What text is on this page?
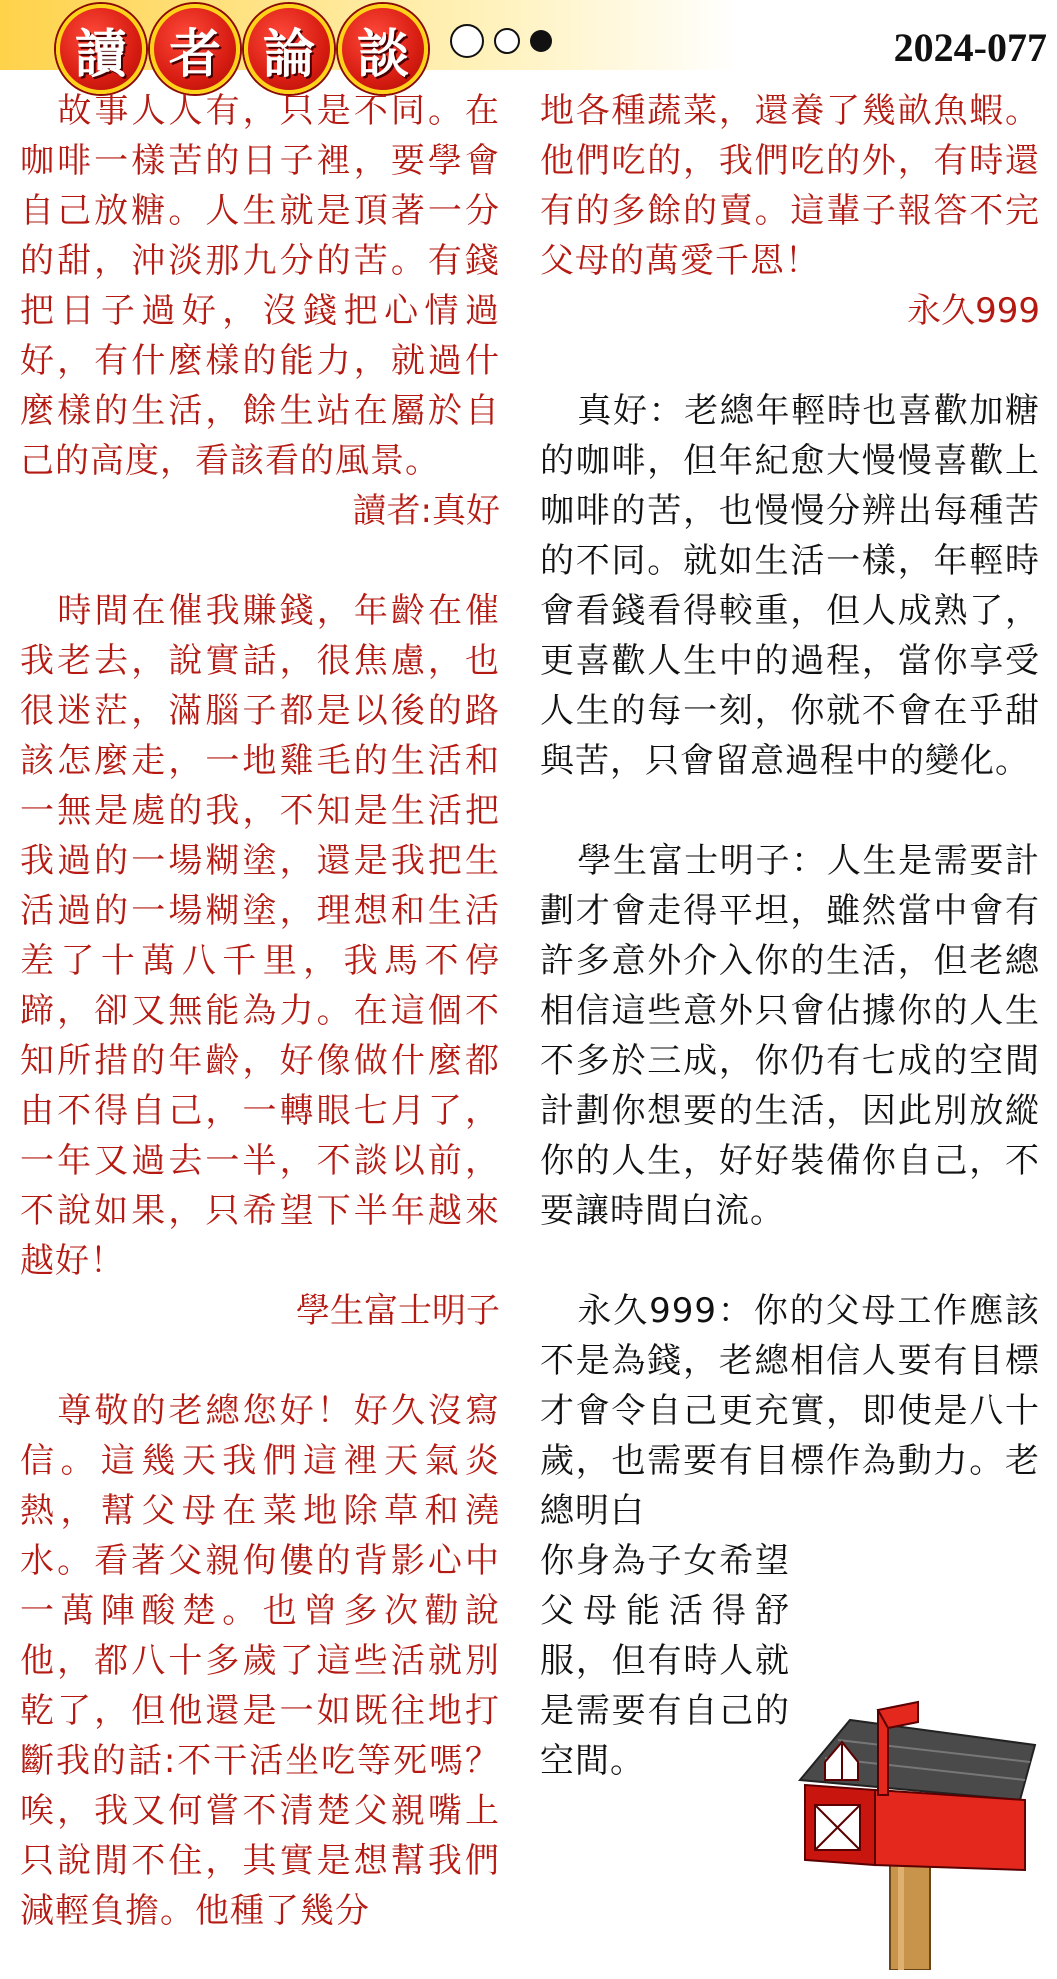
讀 者 論 談	2024-077

故事人人有，只是不同。在咖啡一樣苦的日子裡，要學會自己放糖。人生就是頂著一分的甜，沖淡那九分的苦。有錢把日子過好，沒錢把心情過好，有什麼樣的能力，就過什麼樣的生活，餘生站在屬於自己的高度，看該看的風景。

讀者:真好

時間在催我賺錢，年齡在催我老去，說實話，很焦慮，也很迷茫，滿腦子都是以後的路該怎麼走，一地雞毛的生活和一無是處的我，不知是生活把我過的一場糊塗，還是我把生活過的一場糊塗，理想和生活差了十萬八千里，我馬不停蹄，卻又無能為力。在這個不知所措的年齡，好像做什麼都由不得自己，一轉眼七月了，一年又過去一半，不談以前，不說如果，只希望下半年越來越好！

學生富士明子

尊敬的老總您好！好久沒寫信。這幾天我們這裡天氣炎熱，幫父母在菜地除草和澆水。看著父親佝僂的背影心中一萬陣酸楚。也曾多次勸說他，都八十多歲了這些活就別乾了，但他還是一如既往地打斷我的話:不干活坐吃等死嗎？唉，我又何嘗不清楚父親嘴上只說閒不住，其實是想幫我們減輕負擔。他種了幾分

地各種蔬菜，還養了幾畝魚蝦。他們吃的，我們吃的外，有時還有的多餘的賣。這輩子報答不完父母的萬愛千恩！

永久999

真好：老總年輕時也喜歡加糖的咖啡，但年紀愈大慢慢喜歡上咖啡的苦，也慢慢分辨出每種苦的不同。就如生活一樣，年輕時會看錢看得較重，但人成熟了，更喜歡人生中的過程，當你享受人生的每一刻，你就不會在乎甜與苦，只會留意過程中的變化。

學生富士明子：人生是需要計劃才會走得平坦，雖然當中會有許多意外介入你的生活，但老總相信這些意外只會佔據你的人生不多於三成，你仍有七成的空間計劃你想要的生活，因此別放縱你的人生，好好裝備你自己，不要讓時間白流。

永久999：你的父母工作應該不是為錢，老總相信人要有目標才會令自己更充實，即使是八十歲，也需要有目標作為動力。老總明白

你身為子女希望父母能活得舒服，但有時人就是需要有自己的空間。
